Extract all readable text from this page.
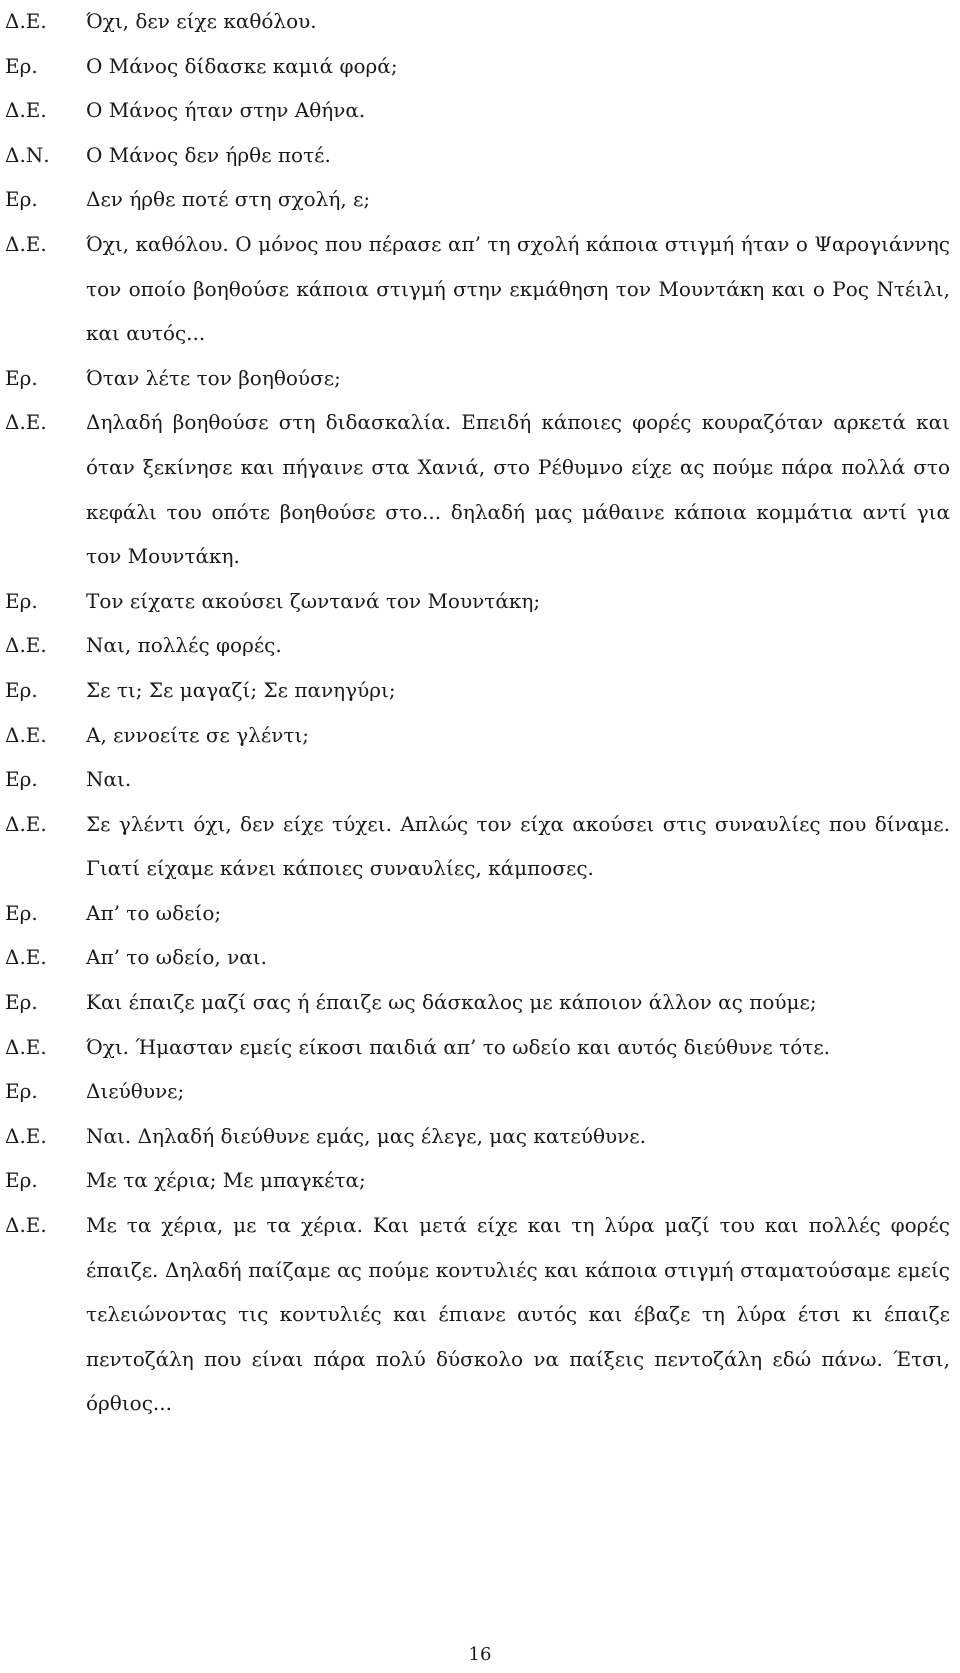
Δ.Ε.	Όχι, δεν είχε καθόλου.
Ερ.	Ο Μάνος δίδασκε καμιά φορά;
Δ.Ε.	Ο Μάνος ήταν στην Αθήνα.
Δ.Ν.	Ο Μάνος δεν ήρθε ποτέ.
Ερ.	Δεν ήρθε ποτέ στη σχολή, ε;
Δ.Ε.	Όχι, καθόλου. Ο μόνος που πέρασε απ’ τη σχολή κάποια στιγμή ήταν ο Ψαρογιάννης τον οποίο βοηθούσε κάποια στιγμή στην εκμάθηση τον Μουντάκη και ο Ρος Ντέιλι, και αυτός...
Ερ.	Όταν λέτε τον βοηθούσε;
Δ.Ε.	Δηλαδή βοηθούσε στη διδασκαλία. Επειδή κάποιες φορές κουραζόταν αρκετά και όταν ξεκίνησε και πήγαινε στα Χανιά, στο Ρέθυμνο είχε ας πούμε πάρα πολλά στο κεφάλι του οπότε βοηθούσε στο... δηλαδή μας μάθαινε κάποια κομμάτια αντί για τον Μουντάκη.
Ερ.	Τον είχατε ακούσει ζωντανά τον Μουντάκη;
Δ.Ε.	Ναι, πολλές φορές.
Ερ.	Σε τι; Σε μαγαζί; Σε πανηγύρι;
Δ.Ε.	Α, εννοείτε σε γλέντι;
Ερ.	Ναι.
Δ.Ε.	Σε γλέντι όχι, δεν είχε τύχει. Απλώς τον είχα ακούσει στις συναυλίες που δίναμε. Γιατί είχαμε κάνει κάποιες συναυλίες, κάμποσες.
Ερ.	Απ’ το ωδείο;
Δ.Ε.	Απ’ το ωδείο, ναι.
Ερ.	Και έπαιζε μαζί σας ή έπαιζε ως δάσκαλος με κάποιον άλλον ας πούμε;
Δ.Ε.	Όχι. Ήμασταν εμείς είκοσι παιδιά απ’ το ωδείο και αυτός διεύθυνε τότε.
Ερ.	Διεύθυνε;
Δ.Ε.	Ναι. Δηλαδή διεύθυνε εμάς, μας έλεγε, μας κατεύθυνε.
Ερ.	Με τα χέρια; Με μπαγκέτα;
Δ.Ε.	Με τα χέρια, με τα χέρια. Και μετά είχε και τη λύρα μαζί του και πολλές φορές έπαιζε. Δηλαδή παίζαμε ας πούμε κοντυλιές και κάποια στιγμή σταματούσαμε εμείς τελειώνοντας τις κοντυλιές και έπιανε αυτός και έβαζε τη λύρα έτσι κι έπαιζε πεντοζάλη που είναι πάρα πολύ δύσκολο να παίξεις πεντοζάλη εδώ πάνω. Έτσι, όρθιος...
16
